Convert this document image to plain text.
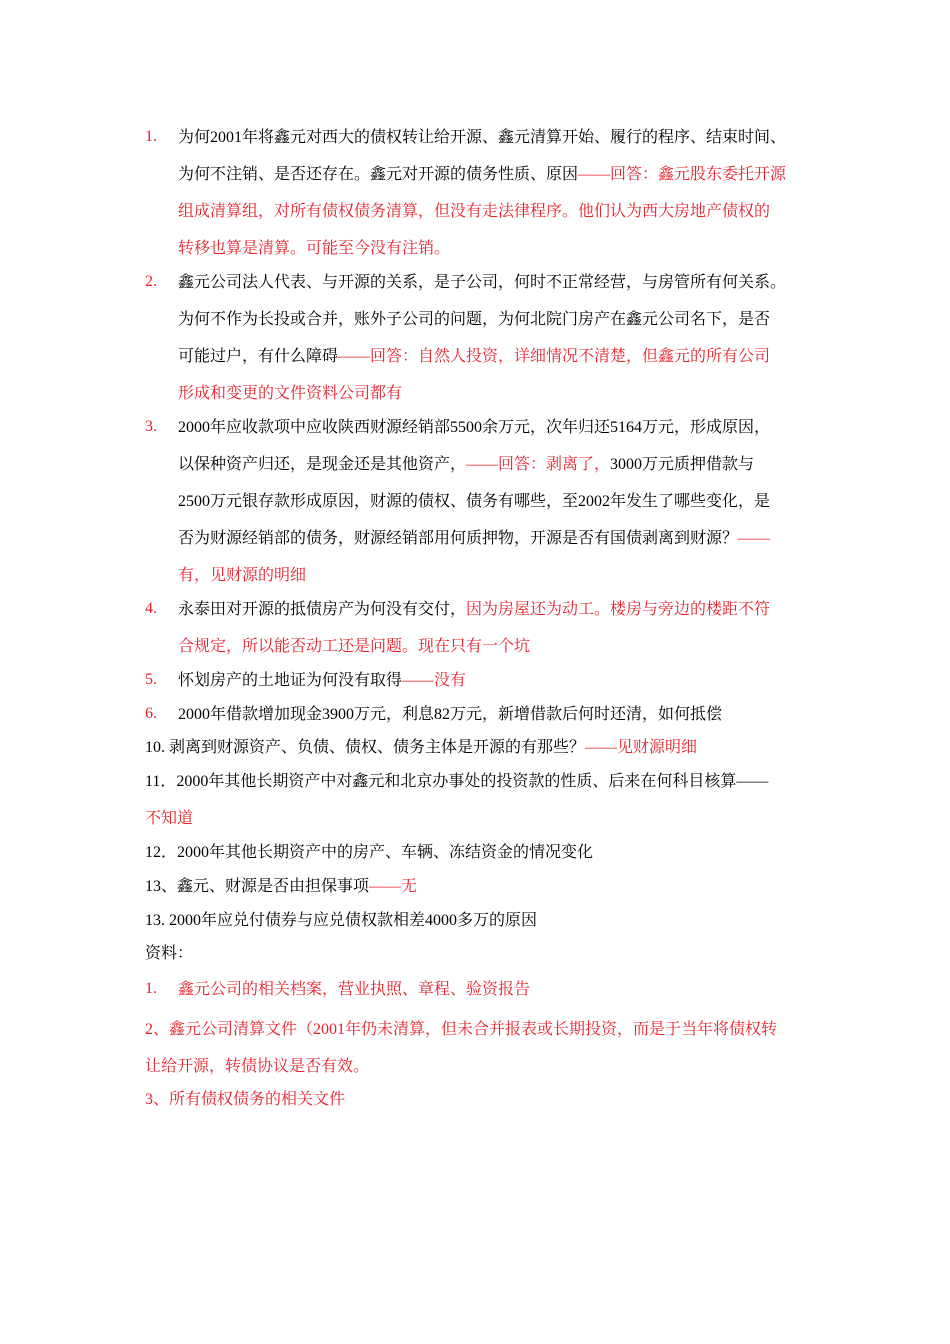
1.	为何2001年将鑫元对西大的债权转让给开源、鑫元清算开始、履行的程序、结束时间、
为何不注销、是否还存在。鑫元对开源的债务性质、原因——回答：鑫元股东委托开源
组成清算组，对所有债权债务清算，但没有走法律程序。他们认为西大房地产债权的
转移也算是清算。可能至今没有注销。
2.	鑫元公司法人代表、与开源的关系，是子公司，何时不正常经营，与房管所有何关系。
为何不作为长投或合并，账外子公司的问题，为何北院门房产在鑫元公司名下，是否
可能过户，有什么障碍——回答：自然人投资，详细情况不清楚，但鑫元的所有公司
形成和变更的文件资料公司都有
3.	2000年应收款项中应收陕西财源经销部5500余万元，次年归还5164万元，形成原因，
以保种资产归还，是现金还是其他资产，——回答：剥离了，3000万元质押借款与
2500万元银存款形成原因，财源的债权、债务有哪些，至2002年发生了哪些变化，是
否为财源经销部的债务，财源经销部用何质押物，开源是否有国债剥离到财源？——
有，见财源的明细
4.	永泰田对开源的抵债房产为何没有交付，因为房屋还为动工。楼房与旁边的楼距不符
合规定，所以能否动工还是问题。现在只有一个坑
5.	怀划房产的土地证为何没有取得——没有
6.	2000年借款增加现金3900万元，利息82万元，新增借款后何时还清，如何抵偿
10. 剥离到财源资产、负债、债权、债务主体是开源的有那些？——见财源明细
11．2000年其他长期资产中对鑫元和北京办事处的投资款的性质、后来在何科目核算——
不知道
12．2000年其他长期资产中的房产、车辆、冻结资金的情况变化
13、鑫元、财源是否由担保事项——无
13. 2000年应兑付债券与应兑债权款相差4000多万的原因
资料：
1.	鑫元公司的相关档案，营业执照、章程、验资报告
2、鑫元公司清算文件（2001年仍未清算，但未合并报表或长期投资，而是于当年将债权转
让给开源，转债协议是否有效。
3、所有债权债务的相关文件
